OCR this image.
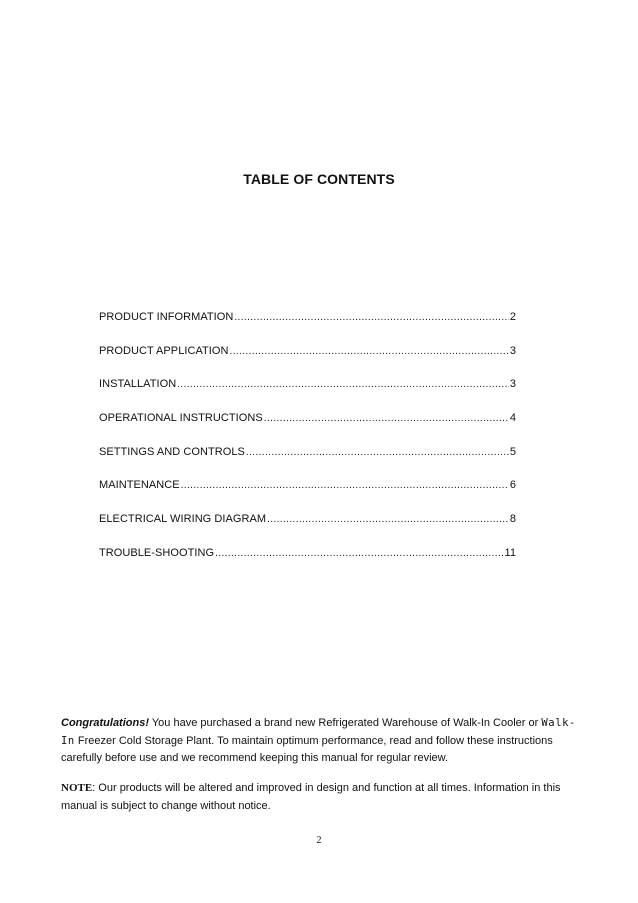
TABLE OF CONTENTS
PRODUCT INFORMATION .....	2
PRODUCT APPLICATION .....	3
INSTALLATION .....	3
OPERATIONAL INSTRUCTIONS .....	4
SETTINGS AND CONTROLS .....	5
MAINTENANCE .....	6
ELECTRICAL WIRING DIAGRAM .....	8
TROUBLE-SHOOTING .....	11

Congratulations! You have purchased a brand new Refrigerated Warehouse of Walk-In Cooler or Walk-In Freezer Cold Storage Plant. To maintain optimum performance, read and follow these instructions carefully before use and we recommend keeping this manual for regular review.

NOTE: Our products will be altered and improved in design and function at all times. Information in this manual is subject to change without notice.

2
